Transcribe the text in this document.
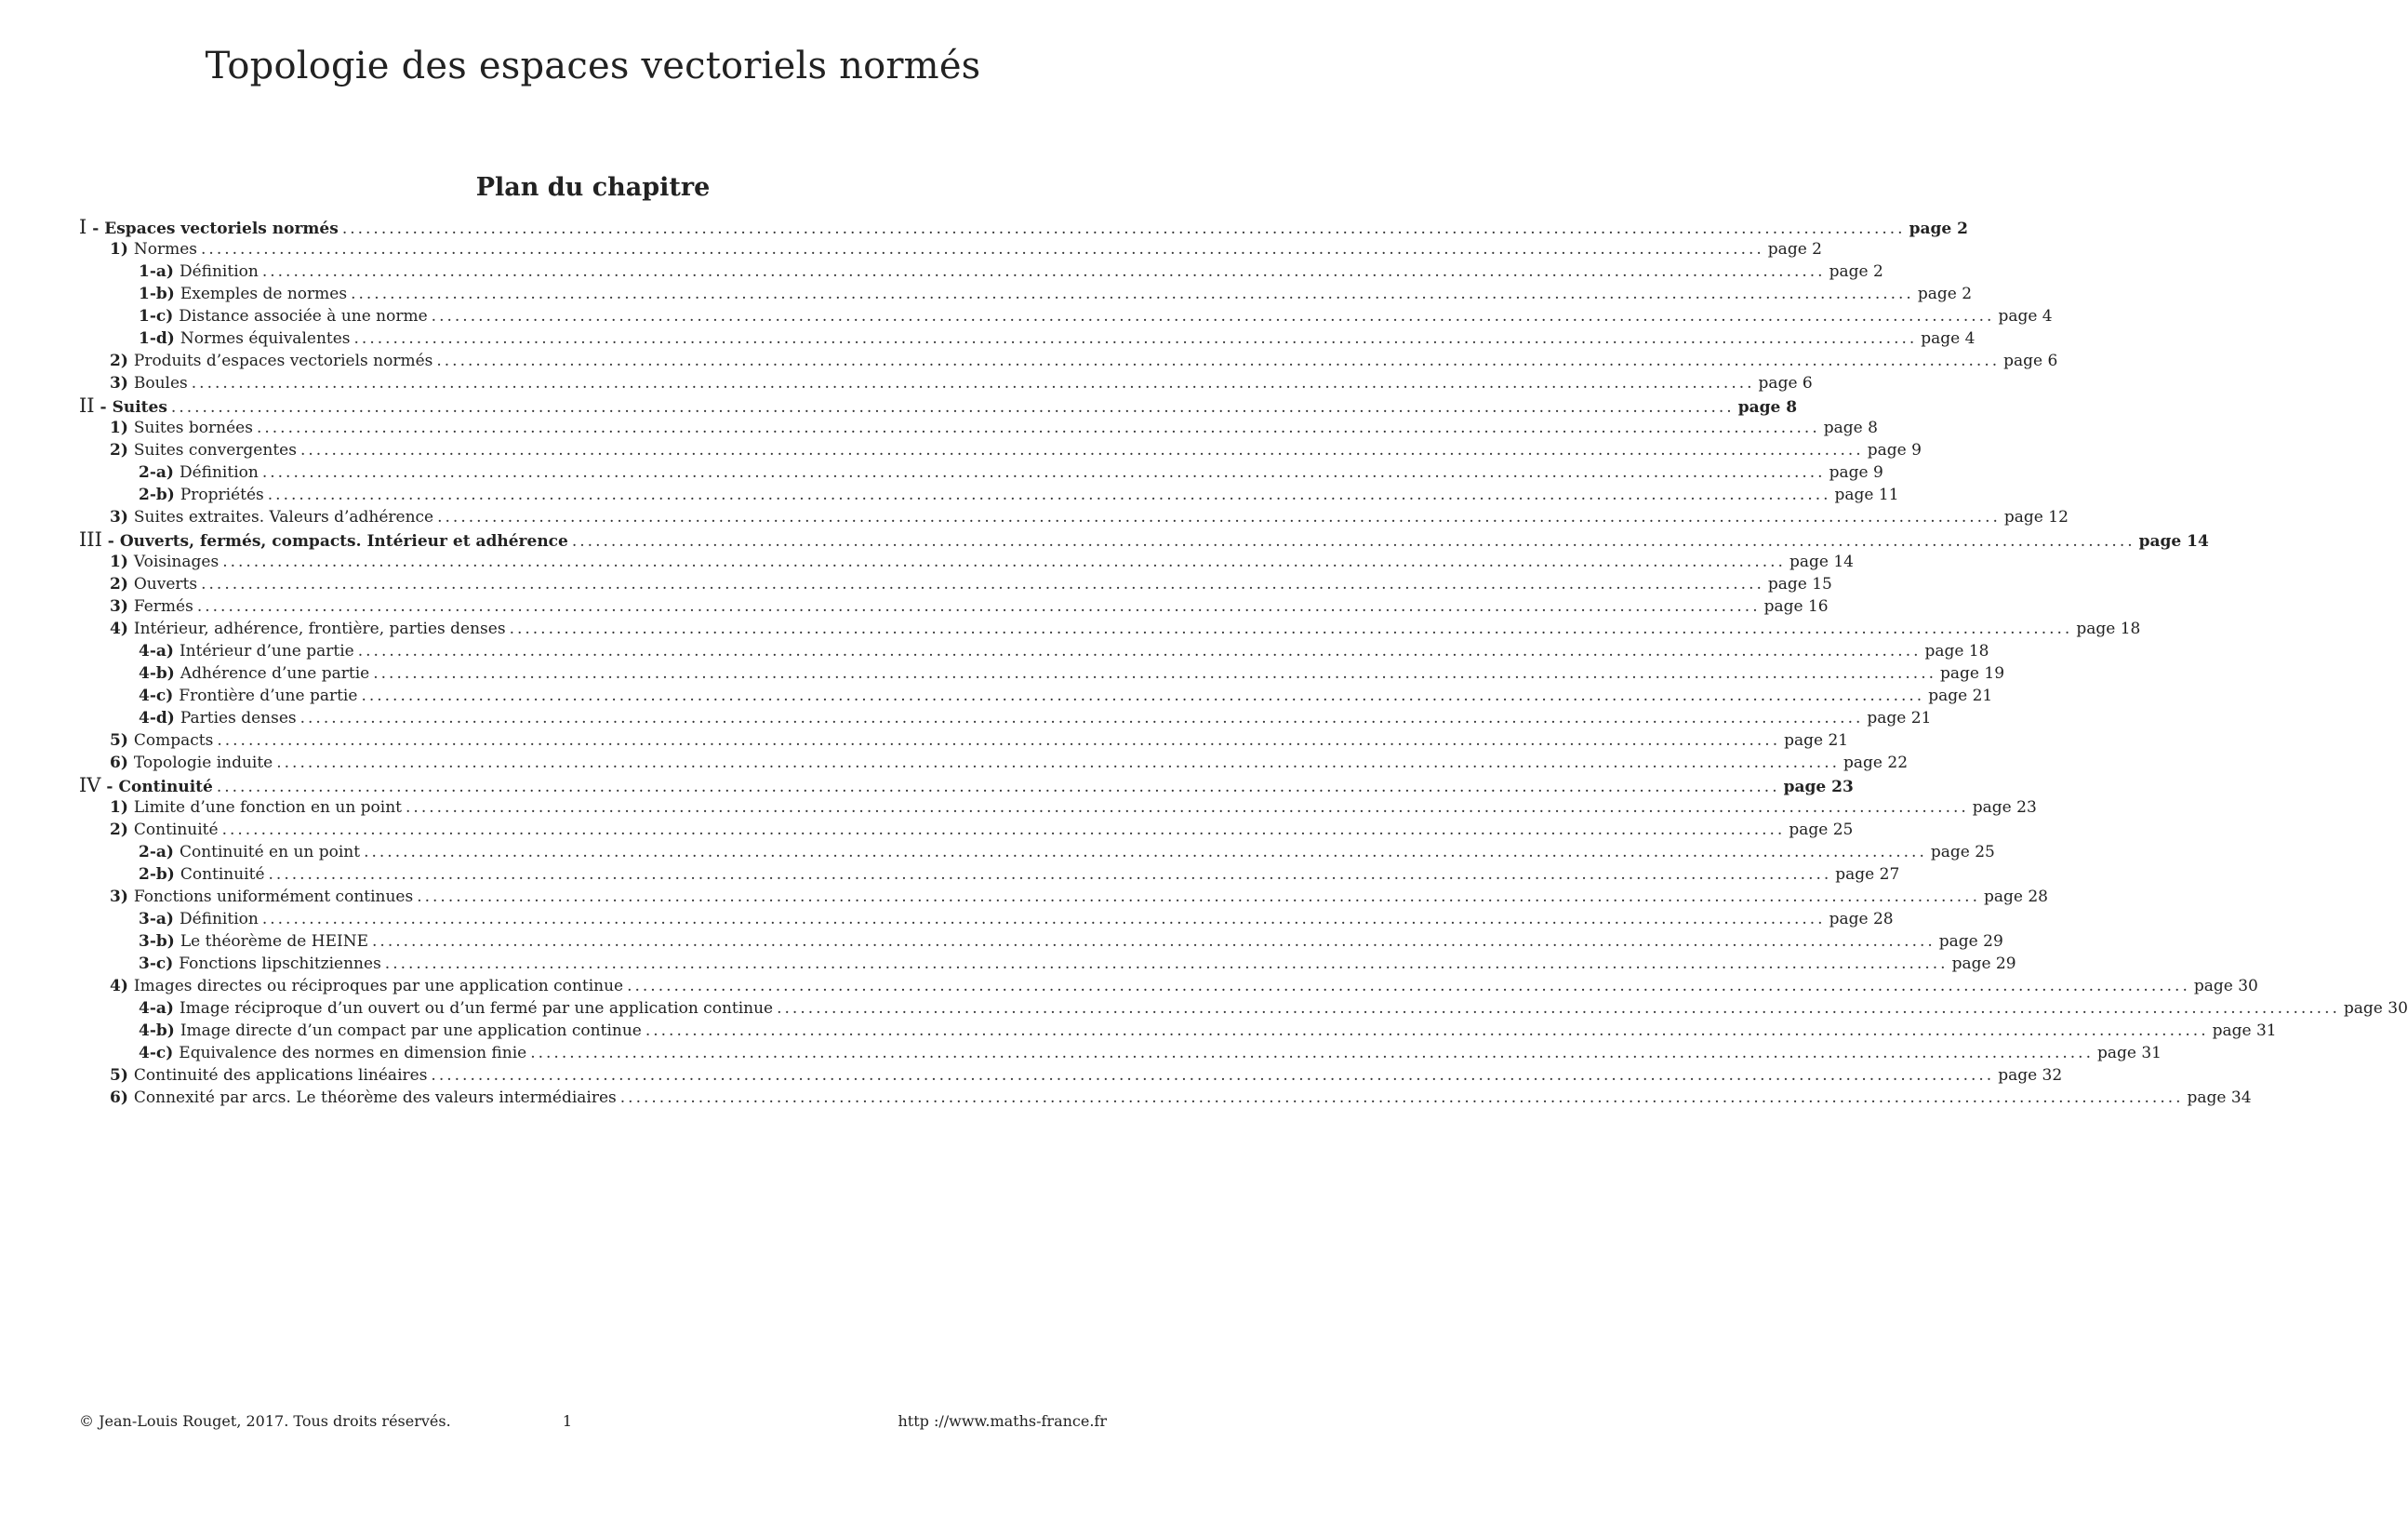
Topologie des espaces vectoriels normés
Plan du chapitre
I - Espaces vectoriels normés ........................................................................................................................................................................................................ page 2
1) Normes ........................................................................................................................................................................................................ page 2
1-a) Définition ........................................................................................................................................................................................................ page 2
1-b) Exemples de normes ........................................................................................................................................................................................................ page 2
1-c) Distance associée à une norme ........................................................................................................................................................................................................ page 4
1-d) Normes équivalentes ........................................................................................................................................................................................................ page 4
2) Produits d’espaces vectoriels normés ........................................................................................................................................................................................................ page 6
3) Boules ........................................................................................................................................................................................................ page 6
II - Suites ........................................................................................................................................................................................................ page 8
1) Suites bornées ........................................................................................................................................................................................................ page 8
2) Suites convergentes ........................................................................................................................................................................................................ page 9
2-a) Définition ........................................................................................................................................................................................................ page 9
2-b) Propriétés ........................................................................................................................................................................................................ page 11
3) Suites extraites. Valeurs d’adhérence ........................................................................................................................................................................................................ page 12
III - Ouverts, fermés, compacts. Intérieur et adhérence ........................................................................................................................................................................................................ page 14
1) Voisinages ........................................................................................................................................................................................................ page 14
2) Ouverts ........................................................................................................................................................................................................ page 15
3) Fermés ........................................................................................................................................................................................................ page 16
4) Intérieur, adhérence, frontière, parties denses ........................................................................................................................................................................................................ page 18
4-a) Intérieur d’une partie ........................................................................................................................................................................................................ page 18
4-b) Adhérence d’une partie ........................................................................................................................................................................................................ page 19
4-c) Frontière d’une partie ........................................................................................................................................................................................................ page 21
4-d) Parties denses ........................................................................................................................................................................................................ page 21
5) Compacts ........................................................................................................................................................................................................ page 21
6) Topologie induite ........................................................................................................................................................................................................ page 22
IV - Continuité ........................................................................................................................................................................................................ page 23
1) Limite d’une fonction en un point ........................................................................................................................................................................................................ page 23
2) Continuité ........................................................................................................................................................................................................ page 25
2-a) Continuité en un point ........................................................................................................................................................................................................ page 25
2-b) Continuité ........................................................................................................................................................................................................ page 27
3) Fonctions uniformément continues ........................................................................................................................................................................................................ page 28
3-a) Définition ........................................................................................................................................................................................................ page 28
3-b) Le théorème de HEINE ........................................................................................................................................................................................................ page 29
3-c) Fonctions lipschitziennes ........................................................................................................................................................................................................ page 29
4) Images directes ou réciproques par une application continue ........................................................................................................................................................................................................ page 30
4-a) Image réciproque d’un ouvert ou d’un fermé par une application continue ........................................................................................................................................................................................................ page 30
4-b) Image directe d’un compact par une application continue ........................................................................................................................................................................................................ page 31
4-c) Equivalence des normes en dimension finie ........................................................................................................................................................................................................ page 31
5) Continuité des applications linéaires ........................................................................................................................................................................................................ page 32
6) Connexité par arcs. Le théorème des valeurs intermédiaires ........................................................................................................................................................................................................ page 34
© Jean-Louis Rouget, 2017. Tous droits réservés.	1	http ://www.maths-france.fr
